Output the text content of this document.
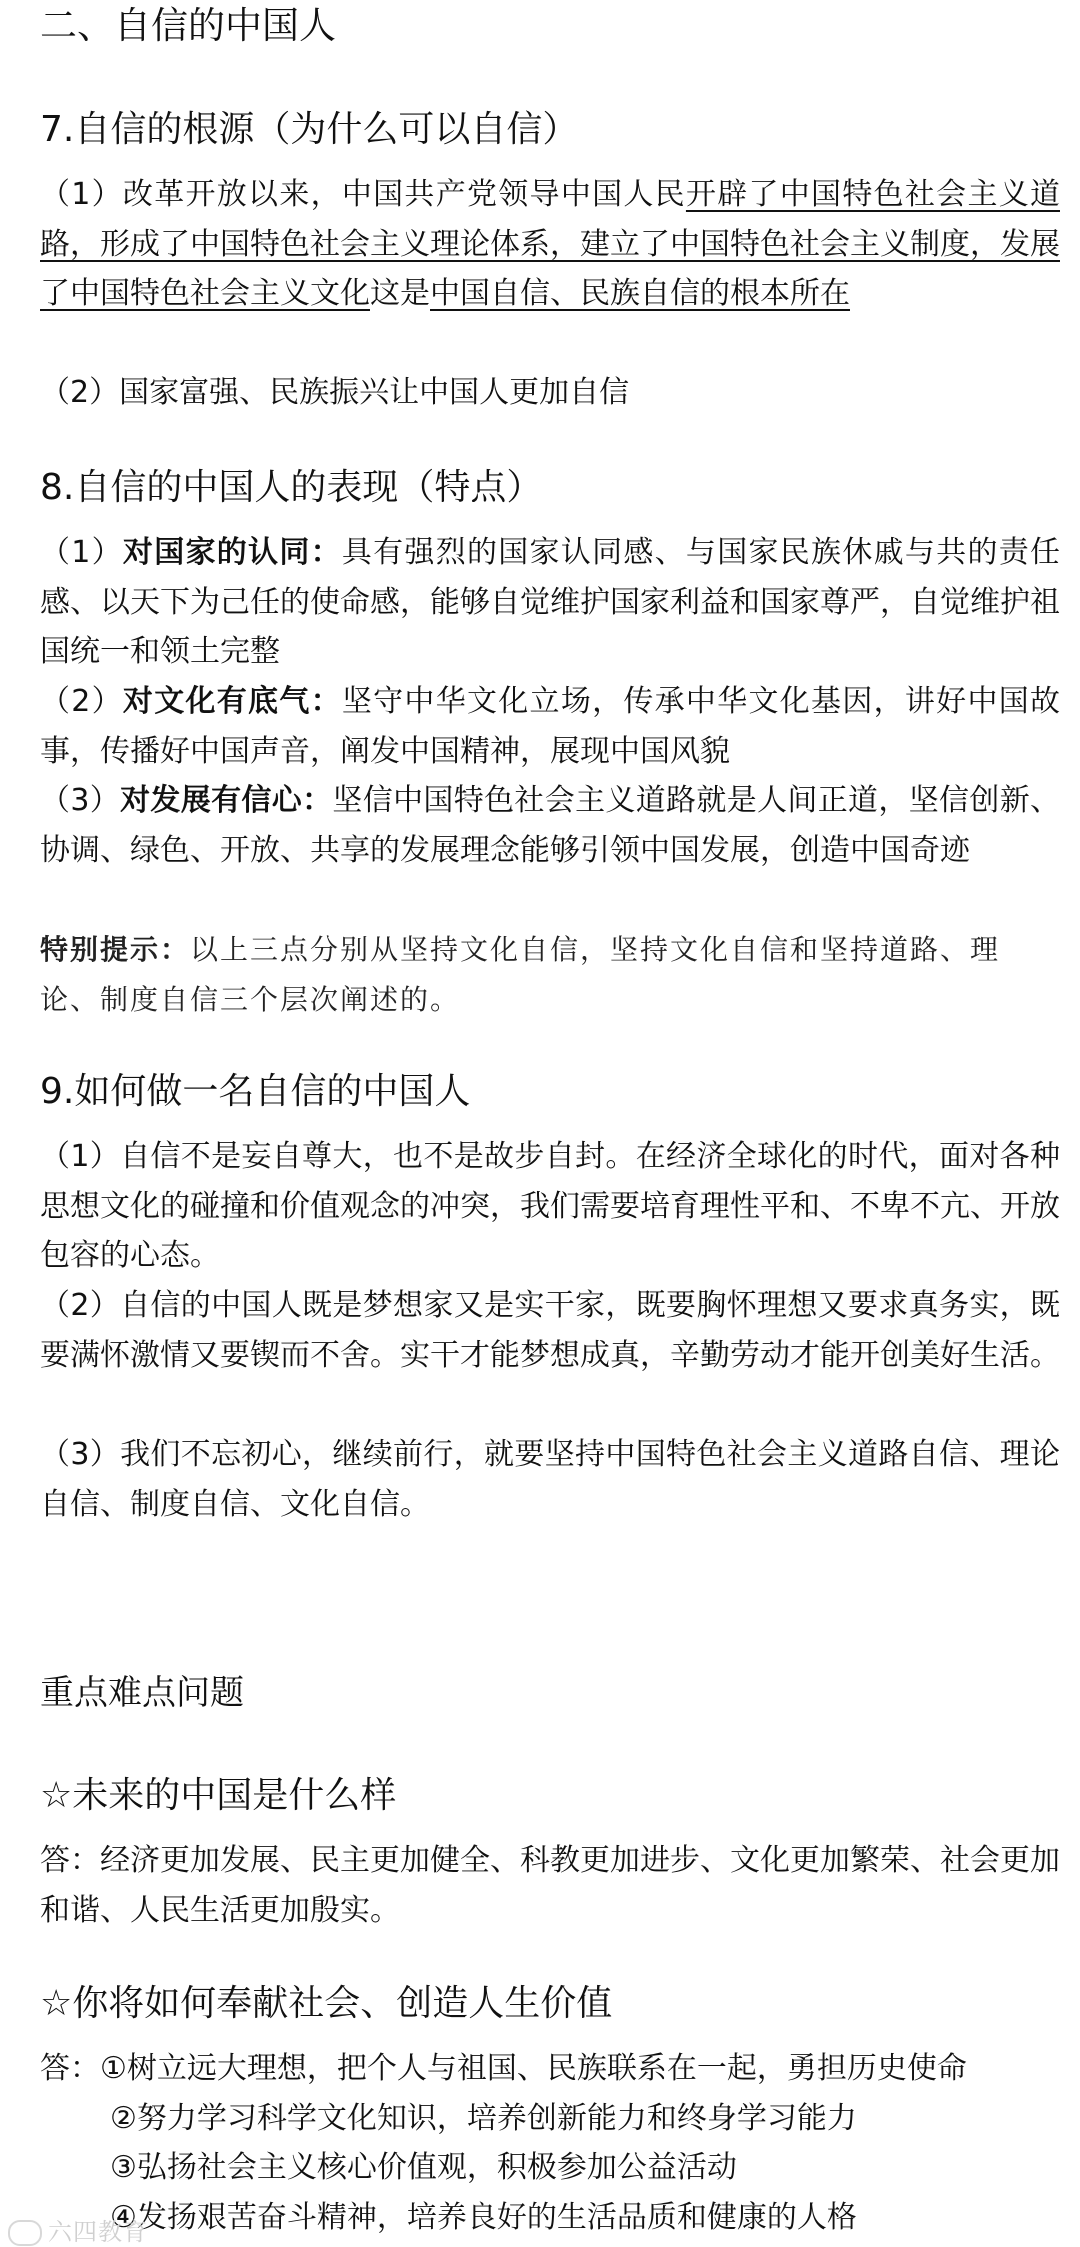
二、自信的中国人
7.自信的根源（为什么可以自信）
（1）改革开放以来，中国共产党领导中国人民开辟了中国特色社会主义道路，形成了中国特色社会主义理论体系，建立了中国特色社会主义制度，发展了中国特色社会主义文化这是中国自信、民族自信的根本所在
（2）国家富强、民族振兴让中国人更加自信
8.自信的中国人的表现（特点）
（1）对国家的认同：具有强烈的国家认同感、与国家民族休戚与共的责任感、以天下为己任的使命感，能够自觉维护国家利益和国家尊严，自觉维护祖国统一和领土完整
（2）对文化有底气：坚守中华文化立场，传承中华文化基因，讲好中国故事，传播好中国声音，阐发中国精神，展现中国风貌
（3）对发展有信心：坚信中国特色社会主义道路就是人间正道，坚信创新、协调、绿色、开放、共享的发展理念能够引领中国发展，创造中国奇迹
特别提示：以上三点分别从坚持文化自信，坚持文化自信和坚持道路、理论、制度自信三个层次阐述的。
9.如何做一名自信的中国人
（1）自信不是妄自尊大，也不是故步自封。在经济全球化的时代，面对各种思想文化的碰撞和价值观念的冲突，我们需要培育理性平和、不卑不亢、开放包容的心态。
（2）自信的中国人既是梦想家又是实干家，既要胸怀理想又要求真务实，既要满怀激情又要锲而不舍。实干才能梦想成真，辛勤劳动才能开创美好生活。
（3）我们不忘初心，继续前行，就要坚持中国特色社会主义道路自信、理论自信、制度自信、文化自信。
重点难点问题
☆未来的中国是什么样
答：经济更加发展、民主更加健全、科教更加进步、文化更加繁荣、社会更加和谐、人民生活更加殷实。
☆你将如何奉献社会、创造人生价值
答：①树立远大理想，把个人与祖国、民族联系在一起，勇担历史使命
②努力学习科学文化知识，培养创新能力和终身学习能力
③弘扬社会主义核心价值观，积极参加公益活动
④发扬艰苦奋斗精神，培养良好的生活品质和健康的人格
六四教育
